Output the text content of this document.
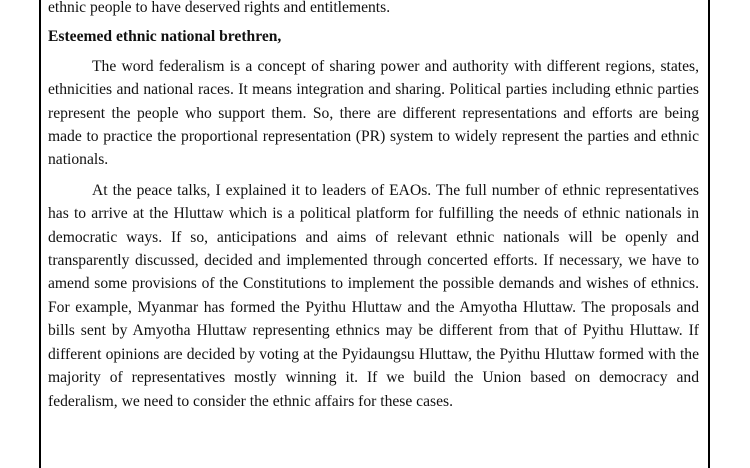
ethnic people to have deserved rights and entitlements.

Esteemed ethnic national brethren,

The word federalism is a concept of sharing power and authority with different regions, states, ethnicities and national races. It means integration and sharing. Political parties including ethnic parties represent the people who support them. So, there are different representations and efforts are being made to practice the proportional representation (PR) system to widely represent the parties and ethnic nationals.

At the peace talks, I explained it to leaders of EAOs. The full number of ethnic representatives has to arrive at the Hluttaw which is a political platform for fulfilling the needs of ethnic nationals in democratic ways. If so, anticipations and aims of relevant ethnic nationals will be openly and transparently discussed, decided and implemented through concerted efforts. If necessary, we have to amend some provisions of the Constitutions to implement the possible demands and wishes of ethnics. For example, Myanmar has formed the Pyithu Hluttaw and the Amyotha Hluttaw. The proposals and bills sent by Amyotha Hluttaw representing ethnics may be different from that of Pyithu Hluttaw. If different opinions are decided by voting at the Pyidaungsu Hluttaw, the Pyithu Hluttaw formed with the majority of representatives mostly winning it. If we build the Union based on democracy and federalism, we need to consider the ethnic affairs for these cases.
